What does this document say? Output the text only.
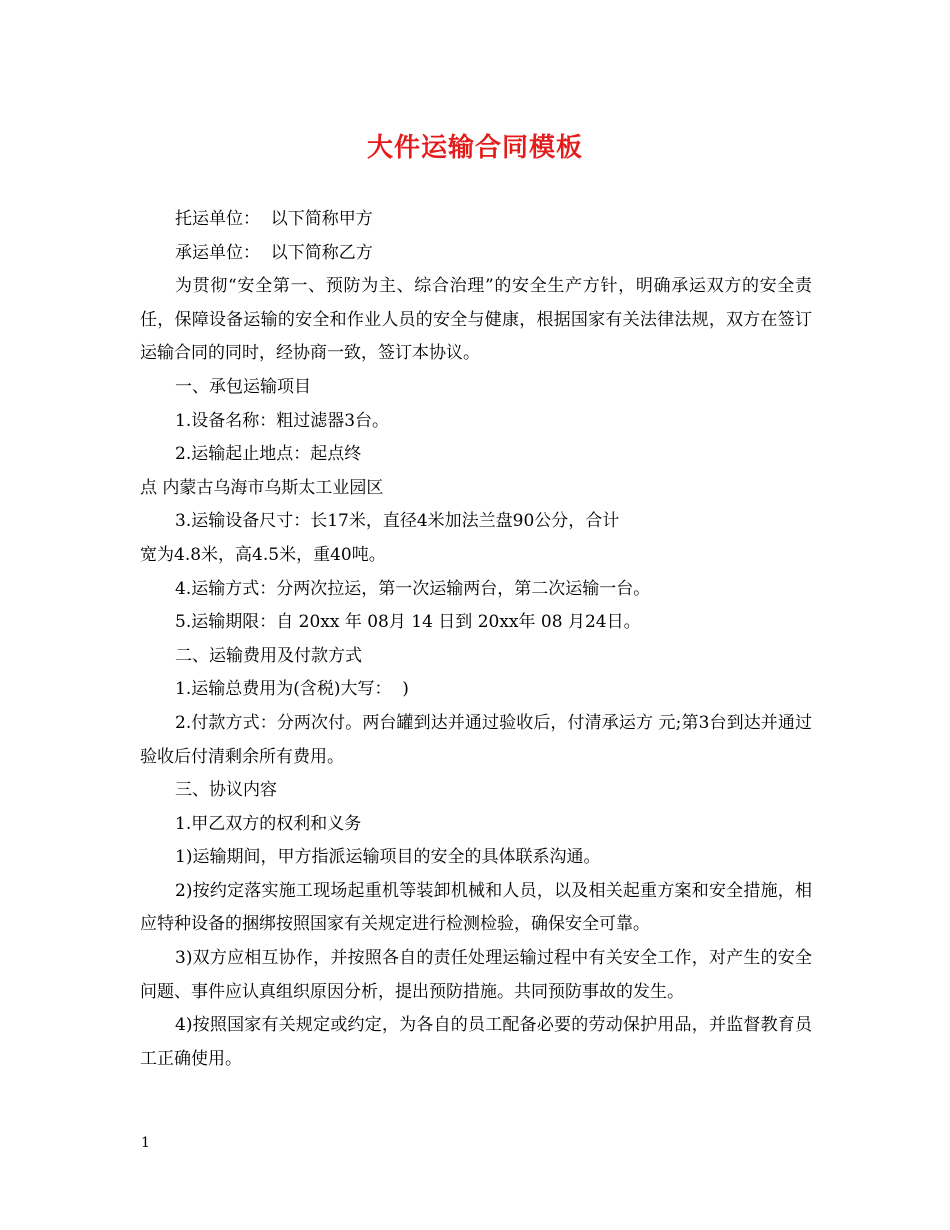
大件运输合同模板

托运单位：  以下简称甲方

承运单位：  以下简称乙方

为贯彻“安全第一、预防为主、综合治理”的安全生产方针，明确承运双方的安全责任，保障设备运输的安全和作业人员的安全与健康，根据国家有关法律法规，双方在签订运输合同的同时，经协商一致，签订本协议。

一、承包运输项目

1.设备名称：粗过滤器3台。

2.运输起止地点：起点终

点 内蒙古乌海市乌斯太工业园区

3.运输设备尺寸：长17米，直径4米加法兰盘90公分，合计

宽为4.8米，高4.5米，重40吨。

4.运输方式：分两次拉运，第一次运输两台，第二次运输一台。

5.运输期限：自 20xx 年 08月 14 日到 20xx年 08 月24日。

二、运输费用及付款方式

1.运输总费用为(含税)大写：  )

2.付款方式：分两次付。两台罐到达并通过验收后，付清承运方 元;第3台到达并通过验收后付清剩余所有费用。

三、协议内容

1.甲乙双方的权利和义务

1)运输期间，甲方指派运输项目的安全的具体联系沟通。

2)按约定落实施工现场起重机等装卸机械和人员，以及相关起重方案和安全措施，相应特种设备的捆绑按照国家有关规定进行检测检验，确保安全可靠。

3)双方应相互协作，并按照各自的责任处理运输过程中有关安全工作，对产生的安全问题、事件应认真组织原因分析，提出预防措施。共同预防事故的发生。

4)按照国家有关规定或约定，为各自的员工配备必要的劳动保护用品，并监督教育员工正确使用。

1
